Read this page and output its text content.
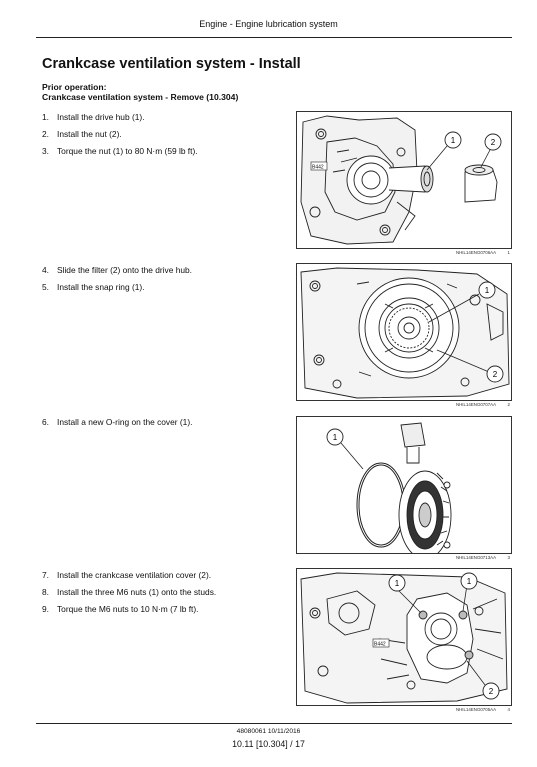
Engine - Engine lubrication system
Crankcase ventilation system - Install
Prior operation:
Crankcase ventilation system - Remove (10.304)
1. Install the drive hub (1).
2. Install the nut (2).
3. Torque the nut (1) to 80 N·m (59 lb ft).
4. Slide the filter (2) onto the drive hub.
5. Install the snap ring (1).
6. Install a new O-ring on the cover (1).
7. Install the crankcase ventilation cover (2).
8. Install the three M6 nuts (1) onto the studs.
9. Torque the M6 nuts to 10 N·m (7 lb ft).
B442
1	2
NHIL14ENG0706AA	1
1
2
NHIL14ENG0707AA	2
1
NHIL14ENG0713AA	3
B442
1	1
2
NHIL14ENG0705AA	4
48080061 10/11/2016
10.11 [10.304] / 17
